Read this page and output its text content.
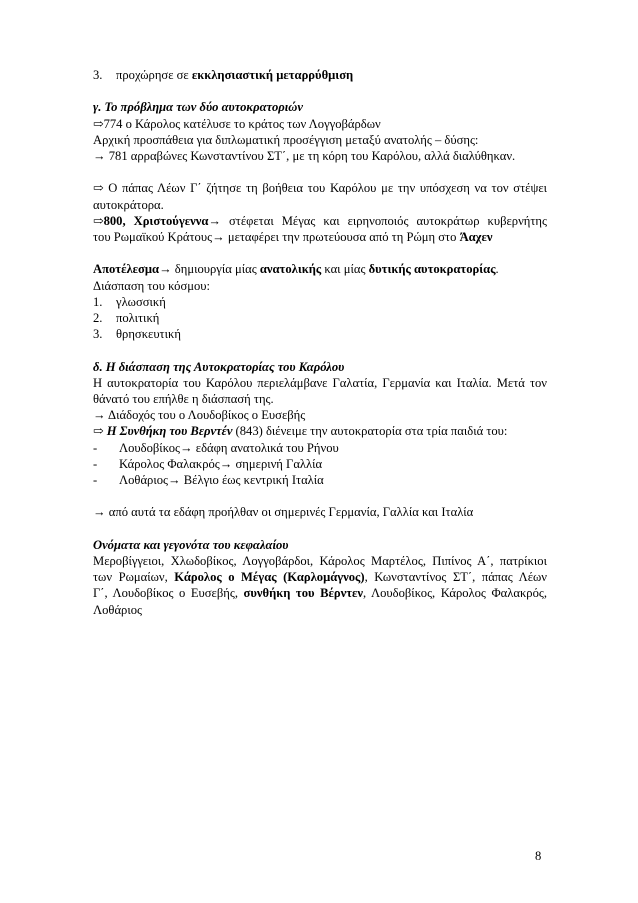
3.	προχώρησε σε εκκλησιαστική μεταρρύθμιση

γ. Το πρόβλημα των δύο αυτοκρατοριών

⇨774 ο Κάρολος κατέλυσε το κράτος των Λογγοβάρδων

Αρχική προσπάθεια για διπλωματική προσέγγιση μεταξύ ανατολής – δύσης:

→ 781 αρραβώνες Κωνσταντίνου ΣΤ΄, με τη κόρη του Καρόλου, αλλά διαλύθηκαν.

⇨ Ο πάπας Λέων Γ΄ ζήτησε τη βοήθεια του Καρόλου με την υπόσχεση να τον στέψει

αυτοκράτορα.

⇨800, Χριστούγεννα→ στέφεται Μέγας και ειρηνοποιός αυτοκράτωρ κυβερνήτης

του Ρωμαϊκού Κράτους→ μεταφέρει την πρωτεύουσα από τη Ρώμη στο Άαχεν

Αποτέλεσμα→ δημιουργία μίας ανατολικής και μίας δυτικής αυτοκρατορίας.

Διάσπαση του κόσμου:

1.	γλωσσική

2.	πολιτική

3.	θρησκευτική

δ. Η διάσπαση της Αυτοκρατορίας του Καρόλου

Η αυτοκρατορία του Καρόλου περιελάμβανε Γαλατία, Γερμανία και Ιταλία. Μετά τον

θάνατό του επήλθε η διάσπασή της.

→ Διάδοχός του ο Λουδοβίκος ο Ευσεβής

⇨ Η Συνθήκη του Βερντέν (843) διένειμε την αυτοκρατορία στα τρία παιδιά του:

-	Λουδοβίκος→ εδάφη ανατολικά του Ρήνου

-	Κάρολος Φαλακρός→ σημερινή Γαλλία

-	Λοθάριος→ Βέλγιο έως κεντρική Ιταλία

→ από αυτά τα εδάφη προήλθαν οι σημερινές Γερμανία, Γαλλία και Ιταλία

Ονόματα και γεγονότα του κεφαλαίου

Μεροβίγγειοι, Χλωδοβίκος, Λογγοβάρδοι, Κάρολος Μαρτέλος, Πιπίνος Α΄, πατρίκιοι

των Ρωμαίων, Κάρολος ο Μέγας (Καρλομάγνος), Κωνσταντίνος ΣΤ΄, πάπας Λέων

Γ΄, Λουδοβίκος ο Ευσεβής, συνθήκη του Βέρντεν, Λουδοβίκος, Κάρολος Φαλακρός,

Λοθάριος

8
